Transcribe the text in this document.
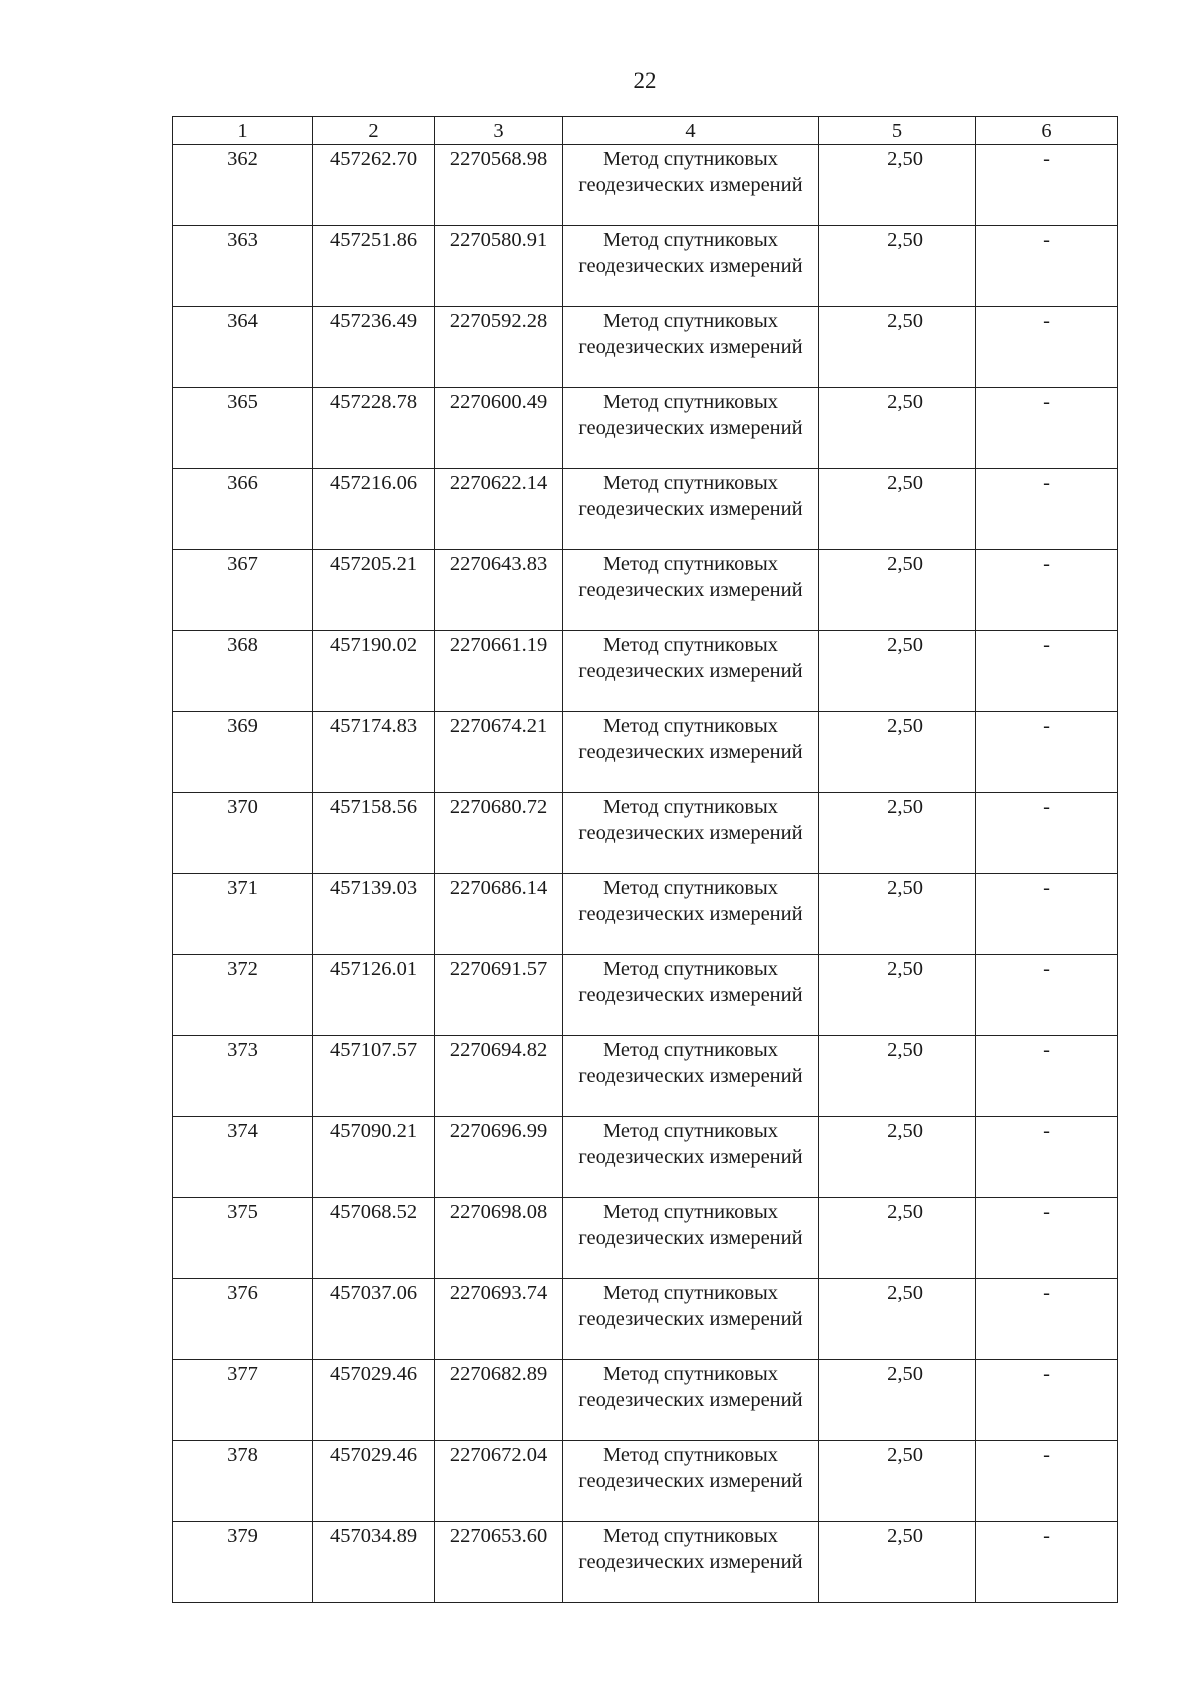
22
1	2	3	4	5	6
362	457262.70	2270568.98	Метод спутниковых геодезических измерений	2,50	-
363	457251.86	2270580.91	Метод спутниковых геодезических измерений	2,50	-
364	457236.49	2270592.28	Метод спутниковых геодезических измерений	2,50	-
365	457228.78	2270600.49	Метод спутниковых геодезических измерений	2,50	-
366	457216.06	2270622.14	Метод спутниковых геодезических измерений	2,50	-
367	457205.21	2270643.83	Метод спутниковых геодезических измерений	2,50	-
368	457190.02	2270661.19	Метод спутниковых геодезических измерений	2,50	-
369	457174.83	2270674.21	Метод спутниковых геодезических измерений	2,50	-
370	457158.56	2270680.72	Метод спутниковых геодезических измерений	2,50	-
371	457139.03	2270686.14	Метод спутниковых геодезических измерений	2,50	-
372	457126.01	2270691.57	Метод спутниковых геодезических измерений	2,50	-
373	457107.57	2270694.82	Метод спутниковых геодезических измерений	2,50	-
374	457090.21	2270696.99	Метод спутниковых геодезических измерений	2,50	-
375	457068.52	2270698.08	Метод спутниковых геодезических измерений	2,50	-
376	457037.06	2270693.74	Метод спутниковых геодезических измерений	2,50	-
377	457029.46	2270682.89	Метод спутниковых геодезических измерений	2,50	-
378	457029.46	2270672.04	Метод спутниковых геодезических измерений	2,50	-
379	457034.89	2270653.60	Метод спутниковых геодезических измерений	2,50	-
